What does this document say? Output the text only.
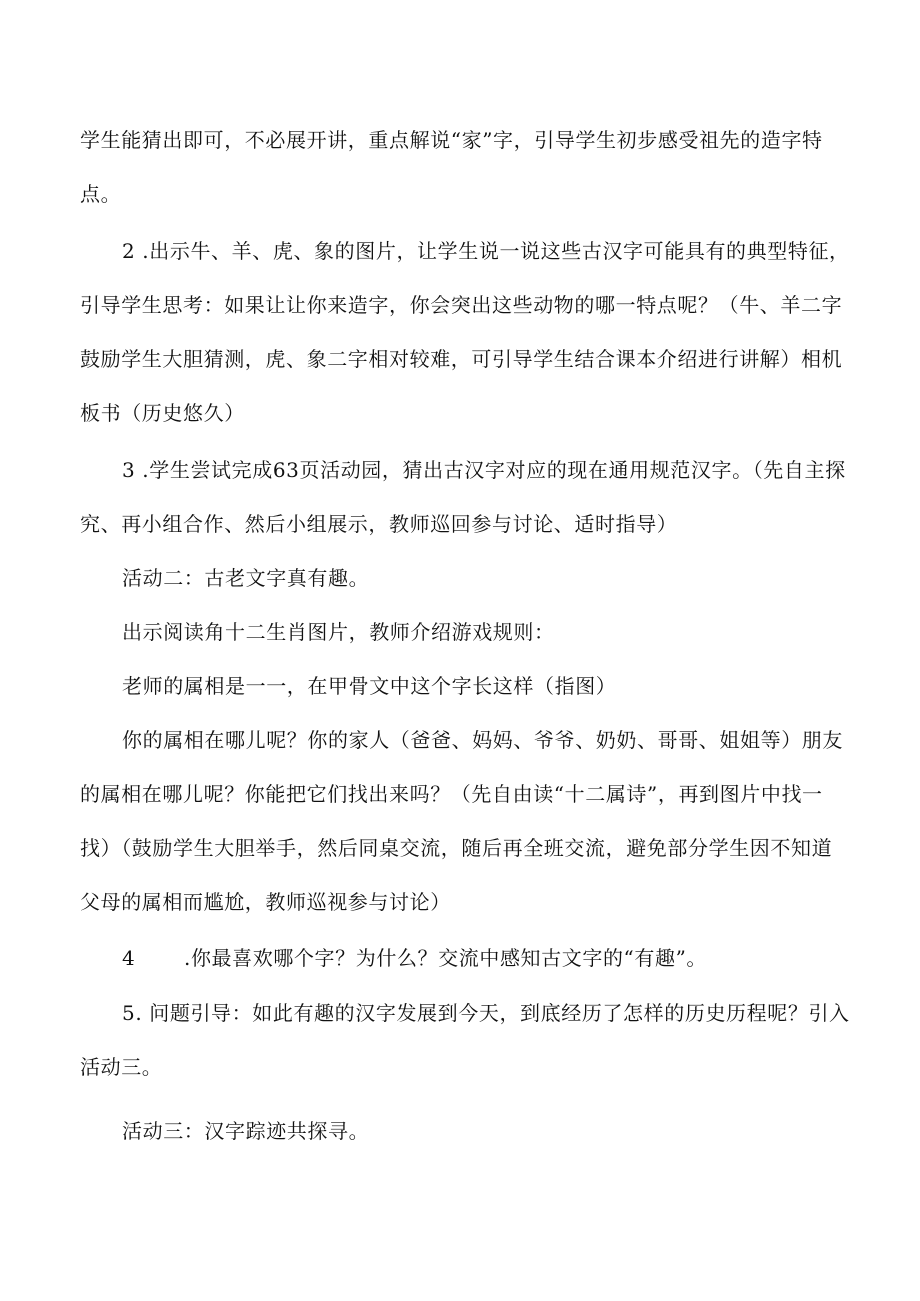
学生能猜出即可，不必展开讲，重点解说“家”字，引导学生初步感受祖先的造字特
点。
2 .出示牛、羊、虎、象的图片，让学生说一说这些古汉字可能具有的典型特征，
引导学生思考：如果让让你来造字，你会突出这些动物的哪一特点呢？（牛、羊二字
鼓励学生大胆猜测，虎、象二字相对较难，可引导学生结合课本介绍进行讲解）相机
板书（历史悠久）
3 .学生尝试完成63页活动园，猜出古汉字对应的现在通用规范汉字。（先自主探
究、再小组合作、然后小组展示，教师巡回参与讨论、适时指导）
活动二：古老文字真有趣。
出示阅读角十二生肖图片，教师介绍游戏规则：
老师的属相是一一，在甲骨文中这个字长这样（指图）
你的属相在哪儿呢？你的家人（爸爸、妈妈、爷爷、奶奶、哥哥、姐姐等）朋友
的属相在哪儿呢？你能把它们找出来吗？（先自由读“十二属诗”，再到图片中找一
找）（鼓励学生大胆举手，然后同桌交流，随后再全班交流，避免部分学生因不知道
父母的属相而尴尬，教师巡视参与讨论）
4 .你最喜欢哪个字？为什么？交流中感知古文字的“有趣”。
5. 问题引导：如此有趣的汉字发展到今天，到底经历了怎样的历史历程呢？引入
活动三。
活动三：汉字踪迹共探寻。
